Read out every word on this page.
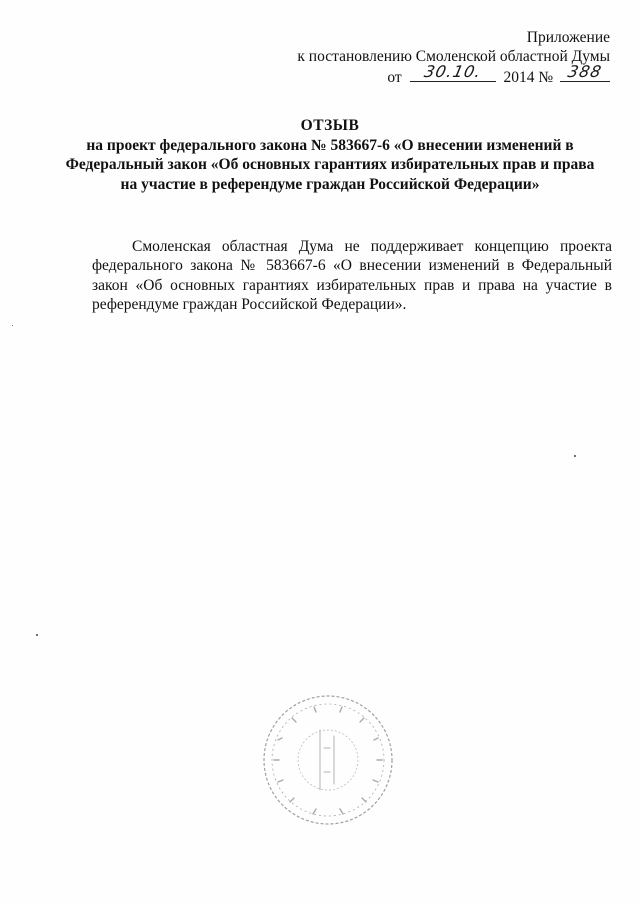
Приложение
к постановлению Смоленской областной Думы
от	30.10.	2014 № 388
ОТЗЫВ
на проект федерального закона № 583667-6 «О внесении изменений в Федеральный закон «Об основных гарантиях избирательных прав и права на участие в референдуме граждан Российской Федерации»

Смоленская областная Дума не поддерживает концепцию проекта федерального закона № 583667-6 «О внесении изменений в Федеральный закон «Об основных гарантиях избирательных прав и права на участие в референдуме граждан Российской Федерации».
